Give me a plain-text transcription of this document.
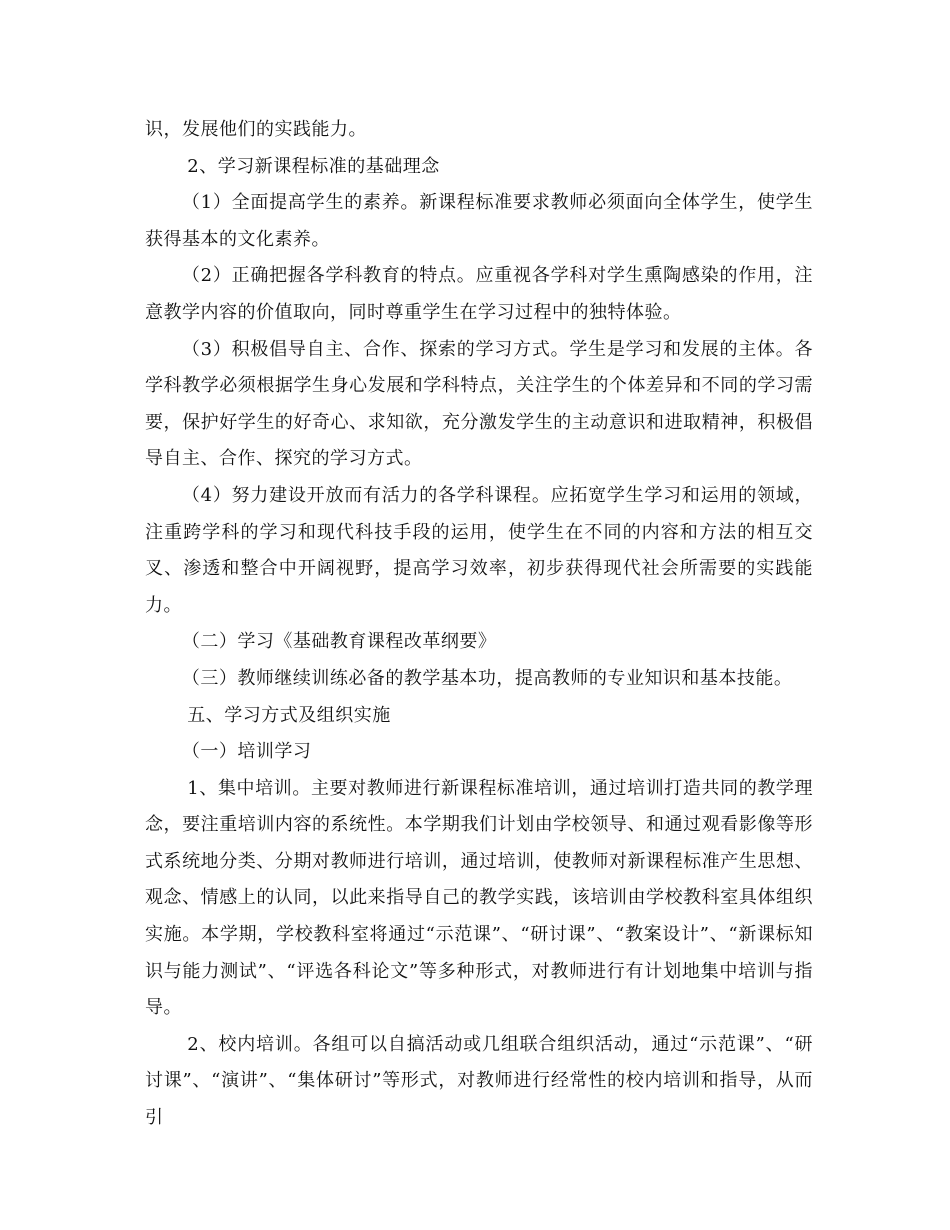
识，发展他们的实践能力。

2、学习新课程标准的基础理念

（1）全面提高学生的素养。新课程标准要求教师必须面向全体学生，使学生获得基本的文化素养。

（2）正确把握各学科教育的特点。应重视各学科对学生熏陶感染的作用，注意教学内容的价值取向，同时尊重学生在学习过程中的独特体验。

（3）积极倡导自主、合作、探索的学习方式。学生是学习和发展的主体。各学科教学必须根据学生身心发展和学科特点，关注学生的个体差异和不同的学习需要，保护好学生的好奇心、求知欲，充分激发学生的主动意识和进取精神，积极倡导自主、合作、探究的学习方式。

（4）努力建设开放而有活力的各学科课程。应拓宽学生学习和运用的领域，注重跨学科的学习和现代科技手段的运用，使学生在不同的内容和方法的相互交叉、渗透和整合中开阔视野，提高学习效率，初步获得现代社会所需要的实践能力。

（二）学习《基础教育课程改革纲要》

（三）教师继续训练必备的教学基本功，提高教师的专业知识和基本技能。

五、学习方式及组织实施

（一）培训学习

1、集中培训。主要对教师进行新课程标准培训，通过培训打造共同的教学理念，要注重培训内容的系统性。本学期我们计划由学校领导、和通过观看影像等形式系统地分类、分期对教师进行培训，通过培训，使教师对新课程标准产生思想、观念、情感上的认同，以此来指导自己的教学实践，该培训由学校教科室具体组织实施。本学期，学校教科室将通过“示范课”、“研讨课”、“教案设计”、“新课标知识与能力测试”、“评选各科论文”等多种形式，对教师进行有计划地集中培训与指导。

2、校内培训。各组可以自搞活动或几组联合组织活动，通过“示范课”、“研讨课”、“演讲”、“集体研讨”等形式，对教师进行经常性的校内培训和指导，从而引
